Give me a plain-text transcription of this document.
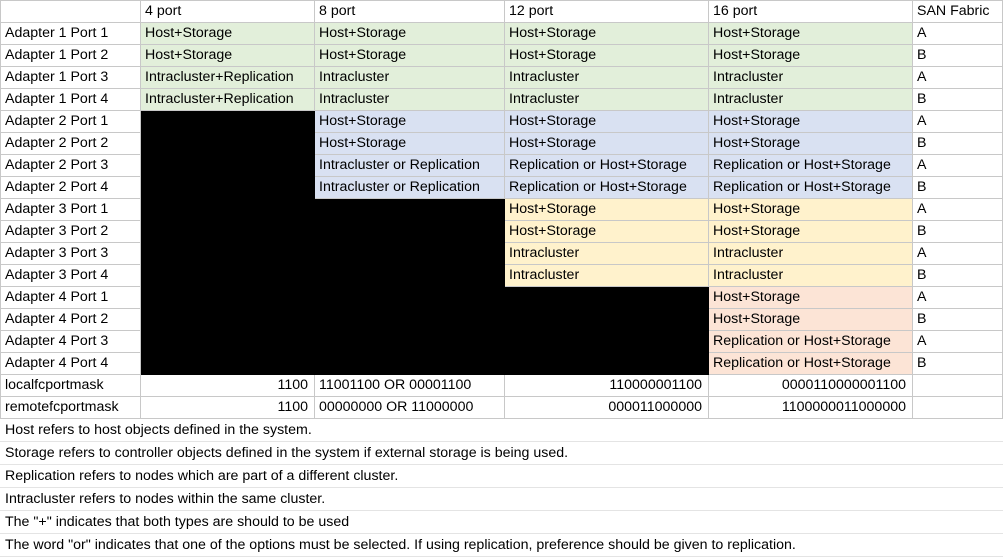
	4 port	8 port	12 port	16 port	SAN Fabric
Adapter 1 Port 1	Host+Storage	Host+Storage	Host+Storage	Host+Storage	A
Adapter 1 Port 2	Host+Storage	Host+Storage	Host+Storage	Host+Storage	B
Adapter 1 Port 3	Intracluster+Replication	Intracluster	Intracluster	Intracluster	A
Adapter 1 Port 4	Intracluster+Replication	Intracluster	Intracluster	Intracluster	B
Adapter 2 Port 1		Host+Storage	Host+Storage	Host+Storage	A
Adapter 2 Port 2		Host+Storage	Host+Storage	Host+Storage	B
Adapter 2 Port 3		Intracluster or Replication	Replication or Host+Storage	Replication or Host+Storage	A
Adapter 2 Port 4		Intracluster or Replication	Replication or Host+Storage	Replication or Host+Storage	B
Adapter 3 Port 1			Host+Storage	Host+Storage	A
Adapter 3 Port 2			Host+Storage	Host+Storage	B
Adapter 3 Port 3			Intracluster	Intracluster	A
Adapter 3 Port 4			Intracluster	Intracluster	B
Adapter 4 Port 1				Host+Storage	A
Adapter 4 Port 2				Host+Storage	B
Adapter 4 Port 3				Replication or Host+Storage	A
Adapter 4 Port 4				Replication or Host+Storage	B
localfcportmask	1100	11001100 OR 00001100	110000001100	0000110000001100	
remotefcportmask	1100	00000000 OR 11000000	000011000000	1100000011000000	
Host refers to host objects defined in the system.
Storage refers to controller objects defined in the system if external storage is being used.
Replication refers to nodes which are part of a different cluster.
Intracluster refers to nodes within the same cluster.
The "+" indicates that both types are should to be used
The word "or" indicates that one of the options must be selected. If using replication, preference should be given to replication.
